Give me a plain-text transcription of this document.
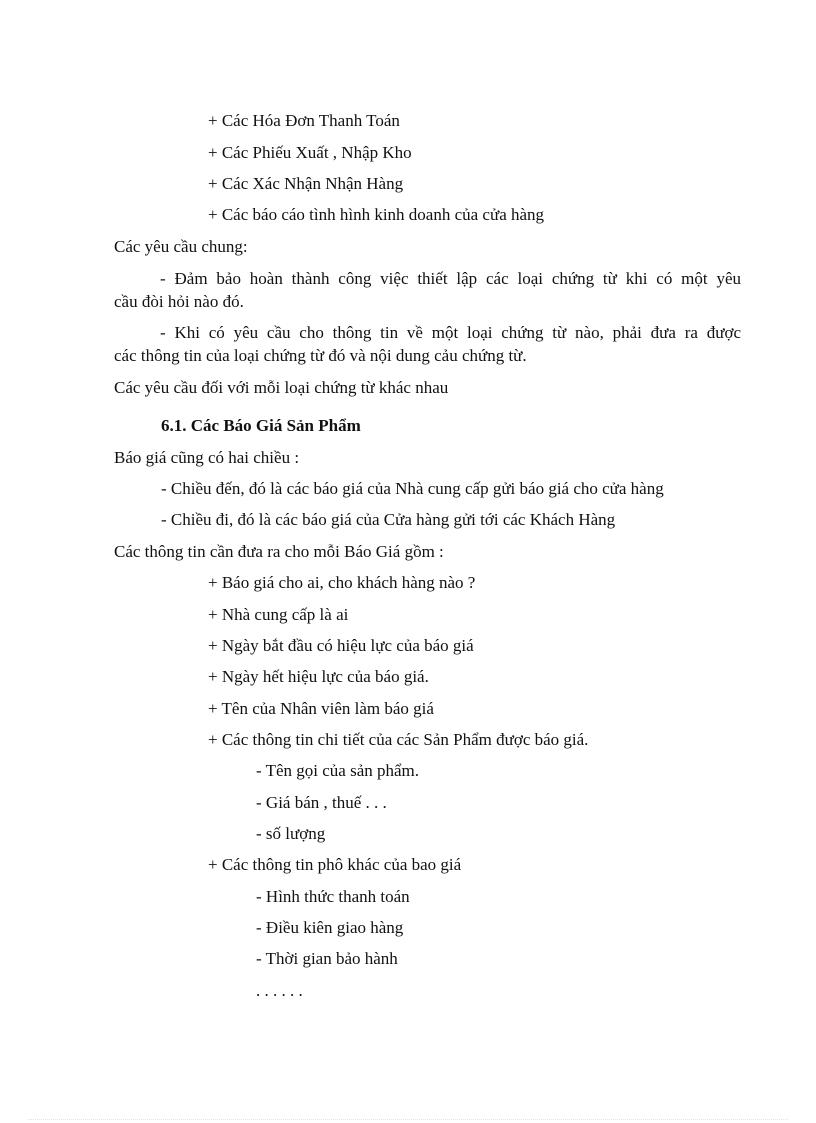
+ Các Hóa Đơn Thanh Toán
+ Các Phiếu Xuất , Nhập Kho
+ Các Xác Nhận Nhận Hàng
+ Các báo cáo tình hình kinh doanh của cửa hàng
Các yêu cầu chung:
- Đảm bảo hoàn thành công việc thiết lập các loại chứng từ khi có một yêu
cầu đòi hỏi nào đó.
- Khi có yêu cầu cho thông tin về một loại chứng từ nào, phải đưa ra được
các thông tin của loại chứng từ đó và nội dung cảu chứng từ.
Các yêu cầu đối với mỗi loại chứng từ khác nhau
6.1. Các Báo Giá Sản Phẩm
Báo giá cũng có hai chiều :
- Chiều đến, đó là các báo giá của Nhà cung cấp gửi báo giá cho cửa hàng
- Chiều đi, đó là các báo giá của Cửa hàng gửi tới các Khách Hàng
Các thông tin cần đưa ra cho mỗi Báo Giá gồm :
+ Báo giá cho ai, cho khách hàng nào ?
+ Nhà cung cấp là ai
+ Ngày bắt đầu có hiệu lực của báo giá
+ Ngày hết hiệu lực của báo giá.
+ Tên của Nhân viên làm báo giá
+ Các thông tin chi tiết của các Sản Phẩm được báo giá.
- Tên gọi của sản phẩm.
- Giá bán , thuế . . .
- số lượng
+ Các thông tin phô khác của bao giá
- Hình thức thanh toán
- Điều kiên giao hàng
- Thời gian bảo hành
. . . . . .
